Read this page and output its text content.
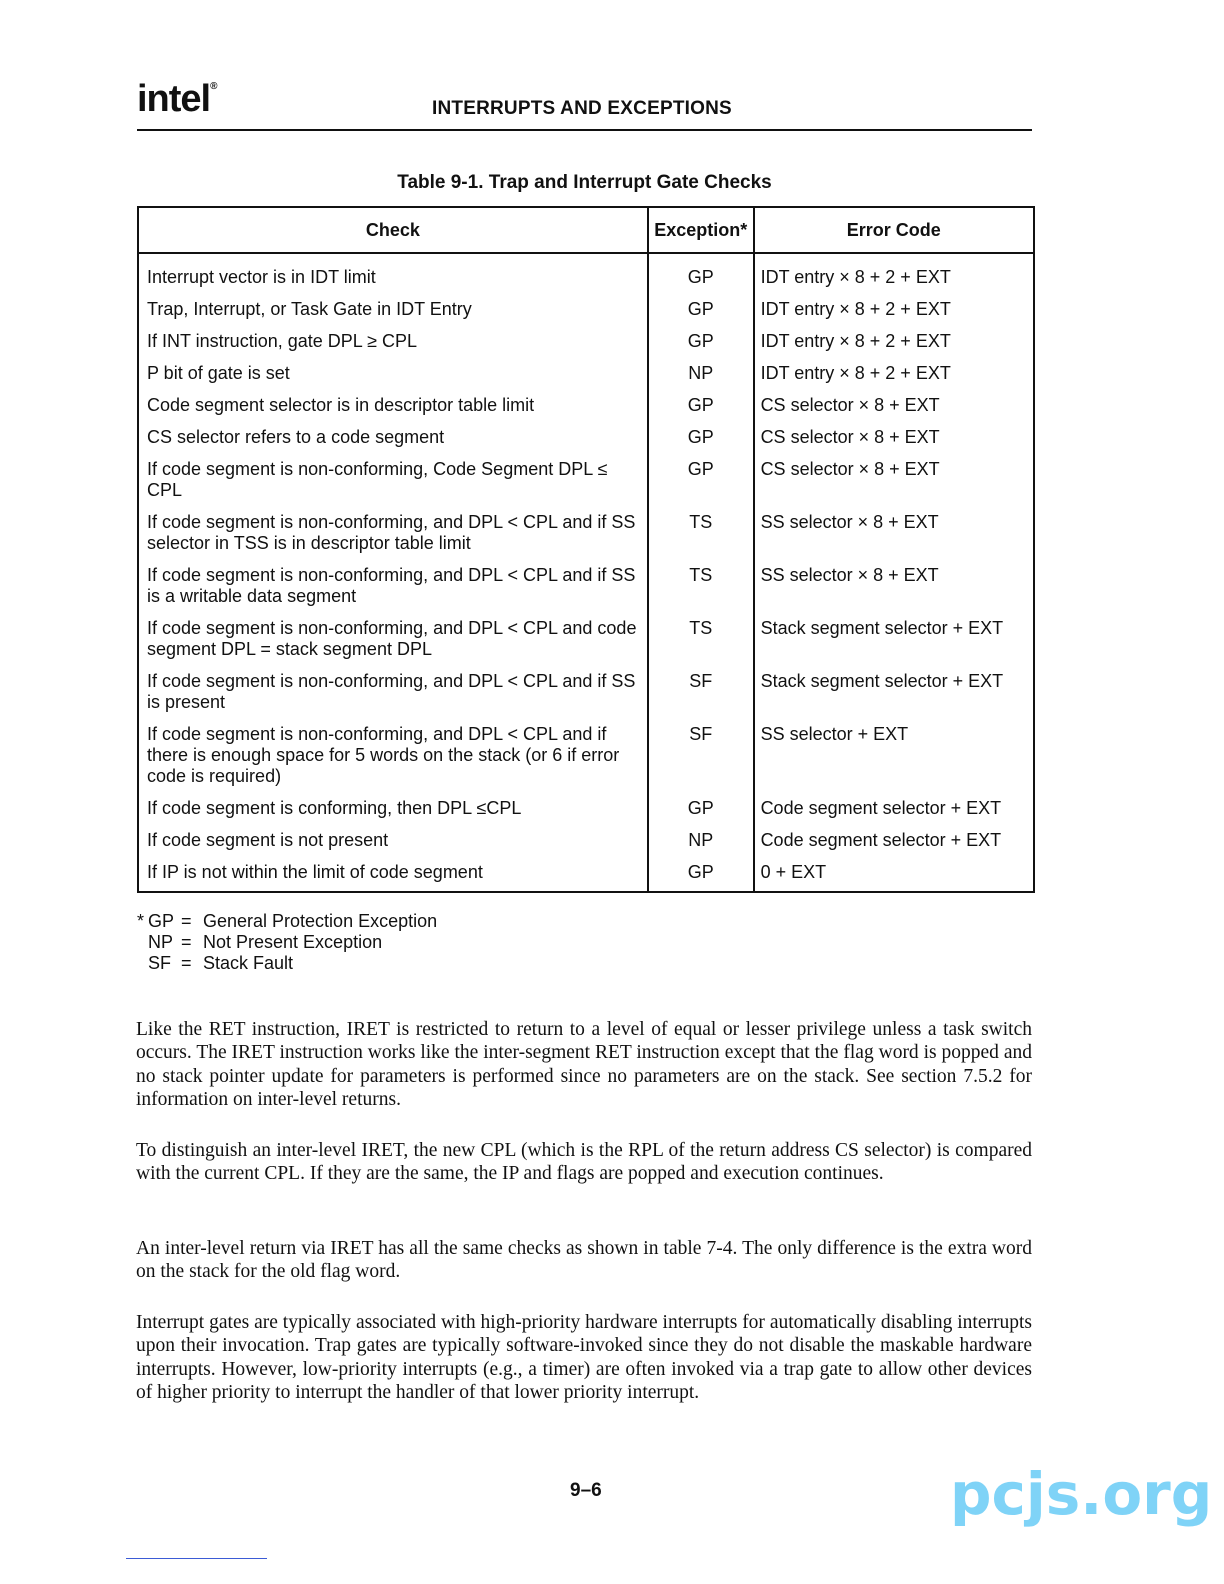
intel®
INTERRUPTS AND EXCEPTIONS
Table 9-1. Trap and Interrupt Gate Checks
Check	Exception*	Error Code
Interrupt vector is in IDT limit	GP	IDT entry × 8 + 2 + EXT
Trap, Interrupt, or Task Gate in IDT Entry	GP	IDT entry × 8 + 2 + EXT
If INT instruction, gate DPL ≥ CPL	GP	IDT entry × 8 + 2 + EXT
P bit of gate is set	NP	IDT entry × 8 + 2 + EXT
Code segment selector is in descriptor table limit	GP	CS selector × 8 + EXT
CS selector refers to a code segment	GP	CS selector × 8 + EXT
If code segment is non-conforming, Code Segment DPL ≤ CPL	GP	CS selector × 8 + EXT
If code segment is non-conforming, and DPL < CPL and if SS selector in TSS is in descriptor table limit	TS	SS selector × 8 + EXT
If code segment is non-conforming, and DPL < CPL and if SS is a writable data segment	TS	SS selector × 8 + EXT
If code segment is non-conforming, and DPL < CPL and code segment DPL = stack segment DPL	TS	Stack segment selector + EXT
If code segment is non-conforming, and DPL < CPL and if SS is present	SF	Stack segment selector + EXT
If code segment is non-conforming, and DPL < CPL and if there is enough space for 5 words on the stack (or 6 if error code is required)	SF	SS selector + EXT
If code segment is conforming, then DPL ≤CPL	GP	Code segment selector + EXT
If code segment is not present	NP	Code segment selector + EXT
If IP is not within the limit of code segment	GP	0 + EXT
* GP = General Protection Exception
NP = Not Present Exception
SF = Stack Fault

Like the RET instruction, IRET is restricted to return to a level of equal or lesser privilege unless a task switch occurs. The IRET instruction works like the inter-segment RET instruction except that the flag word is popped and no stack pointer update for parameters is performed since no parameters are on the stack. See section 7.5.2 for information on inter-level returns.

To distinguish an inter-level IRET, the new CPL (which is the RPL of the return address CS selector) is compared with the current CPL. If they are the same, the IP and flags are popped and execution continues.

An inter-level return via IRET has all the same checks as shown in table 7-4. The only difference is the extra word on the stack for the old flag word.

Interrupt gates are typically associated with high-priority hardware interrupts for automatically disabling interrupts upon their invocation. Trap gates are typically software-invoked since they do not disable the maskable hardware interrupts. However, low-priority interrupts (e.g., a timer) are often invoked via a trap gate to allow other devices of higher priority to interrupt the handler of that lower priority interrupt.

9–6	pcjs.org
